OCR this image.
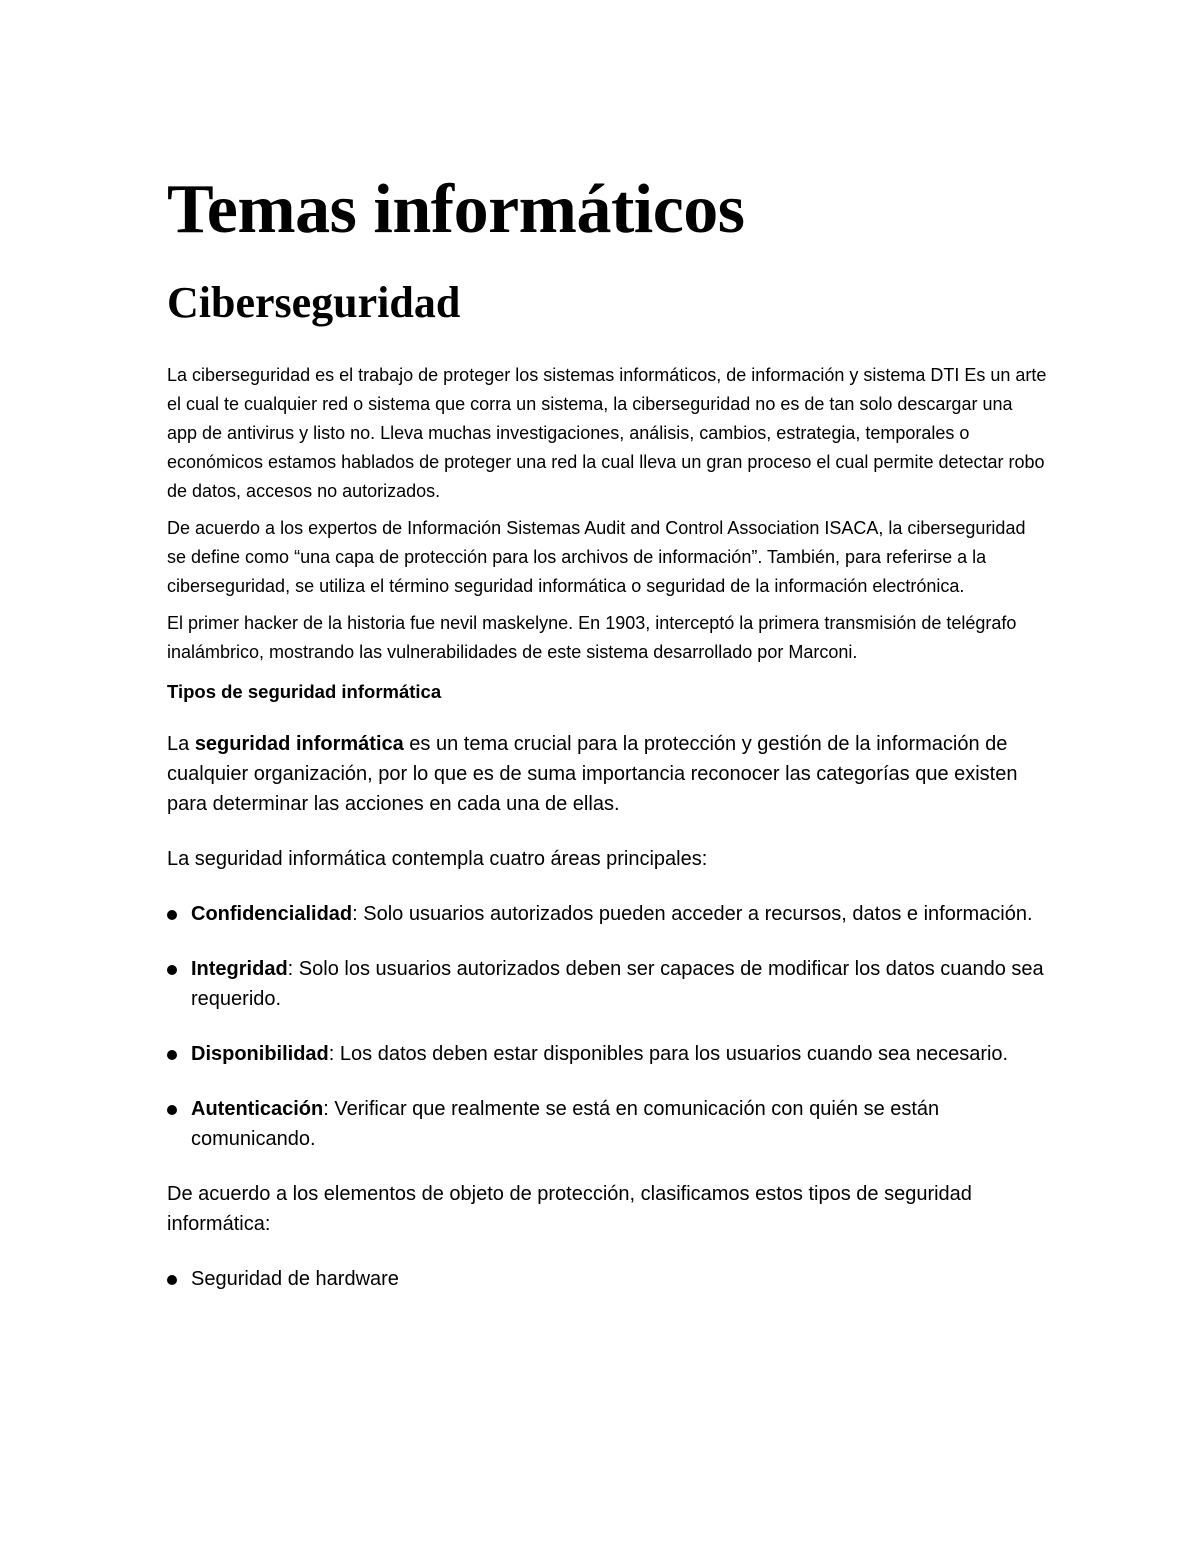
Temas informáticos
Ciberseguridad

La ciberseguridad es el trabajo de proteger los sistemas informáticos, de información y sistema DTI Es un arte el cual te cualquier red o sistema que corra un sistema, la ciberseguridad no es de tan solo descargar una app de antivirus y listo no. Lleva muchas investigaciones, análisis, cambios, estrategia, temporales o económicos estamos hablados de proteger una red la cual lleva un gran proceso el cual permite detectar robo de datos, accesos no autorizados.

De acuerdo a los expertos de Información Sistemas Audit and Control Association ISACA, la ciberseguridad se define como “una capa de protección para los archivos de información”. También, para referirse a la ciberseguridad, se utiliza el término seguridad informática o seguridad de la información electrónica.

El primer hacker de la historia fue nevil maskelyne. En 1903, interceptó la primera transmisión de telégrafo inalámbrico, mostrando las vulnerabilidades de este sistema desarrollado por Marconi.

Tipos de seguridad informática

La seguridad informática es un tema crucial para la protección y gestión de la información de cualquier organización, por lo que es de suma importancia reconocer las categorías que existen para determinar las acciones en cada una de ellas.

La seguridad informática contempla cuatro áreas principales:

Confidencialidad: Solo usuarios autorizados pueden acceder a recursos, datos e información.
Integridad: Solo los usuarios autorizados deben ser capaces de modificar los datos cuando sea requerido.
Disponibilidad: Los datos deben estar disponibles para los usuarios cuando sea necesario.
Autenticación: Verificar que realmente se está en comunicación con quién se están comunicando.

De acuerdo a los elementos de objeto de protección, clasificamos estos tipos de seguridad informática:

Seguridad de hardware
